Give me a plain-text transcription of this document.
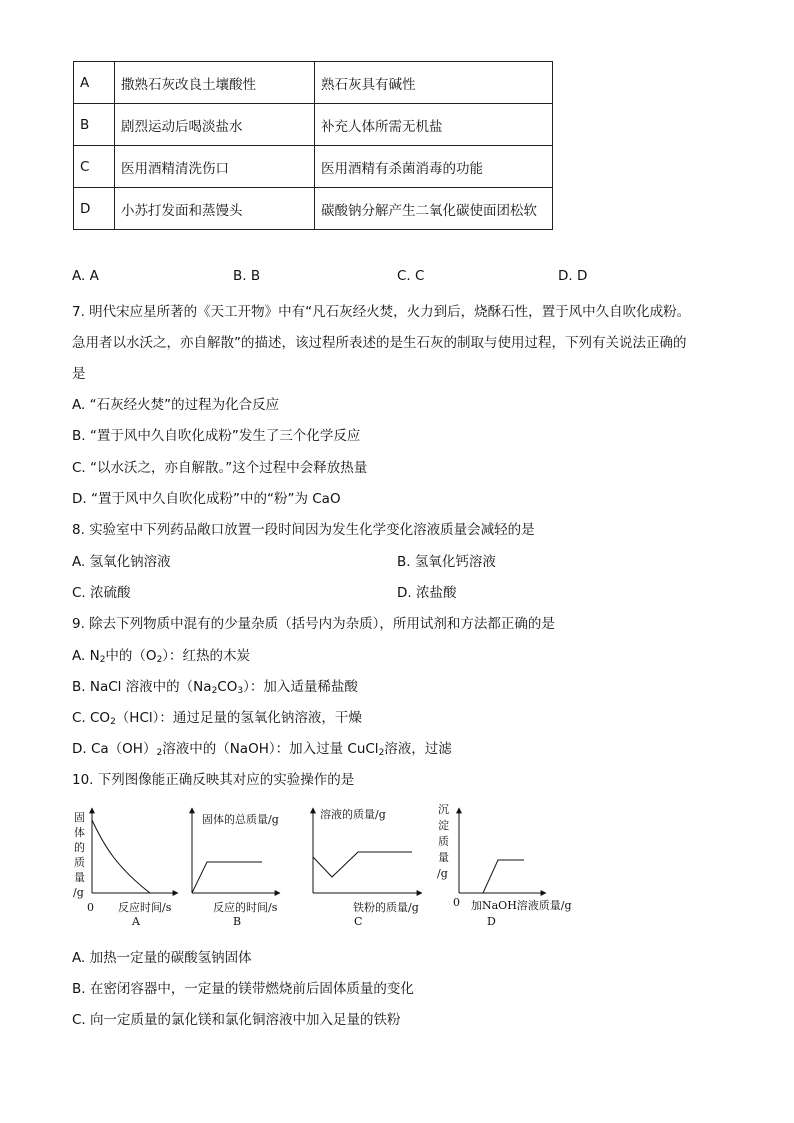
A	撒熟石灰改良土壤酸性	熟石灰具有碱性
B	剧烈运动后喝淡盐水	补充人体所需无机盐
C	医用酒精清洗伤口	医用酒精有杀菌消毒的功能
D	小苏打发面和蒸馒头	碳酸钠分解产生二氧化碳使面团松软
A. A	B. B	C. C	D. D
7. 明代宋应星所著的《天工开物》中有“凡石灰经火焚，火力到后，烧酥石性，置于风中久自吹化成粉。
急用者以水沃之，亦自解散”的描述，该过程所表述的是生石灰的制取与使用过程，下列有关说法正确的
是
A. “石灰经火焚”的过程为化合反应
B. “置于风中久自吹化成粉”发生了三个化学反应
C. “以水沃之，亦自解散。”这个过程中会释放热量
D. “置于风中久自吹化成粉”中的“粉”为 CaO
8. 实验室中下列药品敞口放置一段时间因为发生化学变化溶液质量会减轻的是
A. 氢氧化钠溶液	B. 氢氧化钙溶液
C. 浓硫酸	D. 浓盐酸
9. 除去下列物质中混有的少量杂质（括号内为杂质），所用试剂和方法都正确的是
A. $N_2$中的$(O_2)$：红热的木炭
B. NaCl 溶液中的$(Na_2CO_3)$：加入适量稀盐酸
C. $CO_2(HCl)$：通过足量的氢氧化钠溶液，干燥
D. $Ca(OH)_2$溶液中的（NaOH）：加入过量 CuCl$_2$溶液，过滤
10. 下列图像能正确反映其对应的实验操作的是
固
体
的
质
量
/g
0 反应时间/s
A
固体的总质量/g
反应的时间/s
B
溶液的质量/g
铁粉的质量/g
C
沉
淀
质
量
/g
0 加NaOH溶液质量/g
D
A. 加热一定量的碳酸氢钠固体
B. 在密闭容器中，一定量的镁带燃烧前后固体质量的变化
C. 向一定质量的氯化镁和氯化铜溶液中加入足量的铁粉
